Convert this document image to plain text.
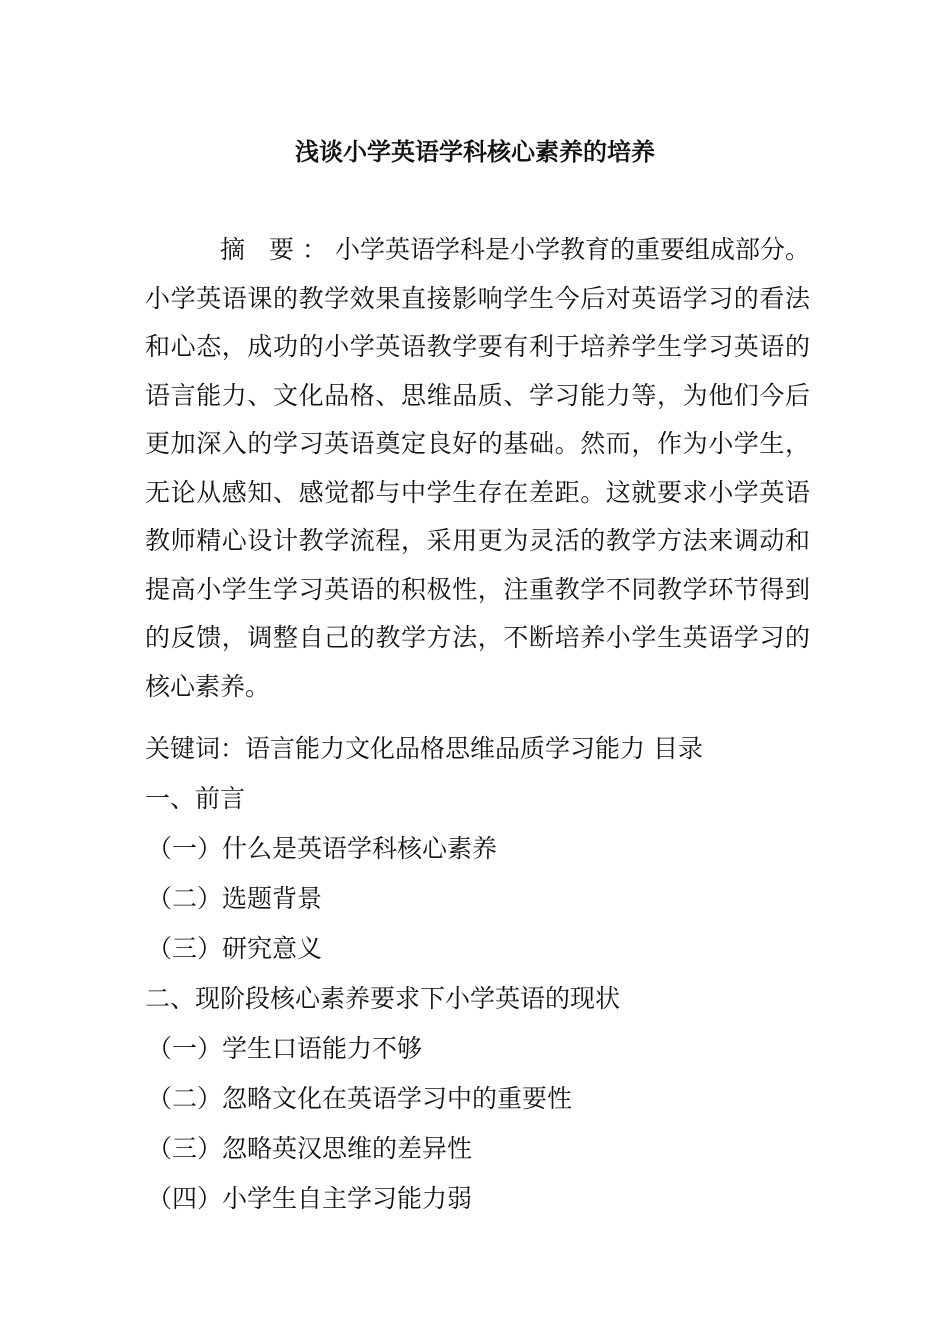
浅谈小学英语学科核心素养的培养

摘 要：小学英语学科是小学教育的重要组成部分。小学英语课的教学效果直接影响学生今后对英语学习的看法和心态，成功的小学英语教学要有利于培养学生学习英语的语言能力、文化品格、思维品质、学习能力等，为他们今后更加深入的学习英语奠定良好的基础。然而，作为小学生，无论从感知、感觉都与中学生存在差距。这就要求小学英语教师精心设计教学流程，采用更为灵活的教学方法来调动和提高小学生学习英语的积极性，注重教学不同教学环节得到的反馈，调整自己的教学方法，不断培养小学生英语学习的核心素养。

关键词：语言能力文化品格思维品质学习能力 目录
一、前言
（一）什么是英语学科核心素养
（二）选题背景
（三）研究意义
二、现阶段核心素养要求下小学英语的现状
（一）学生口语能力不够
（二）忽略文化在英语学习中的重要性
（三）忽略英汉思维的差异性
（四）小学生自主学习能力弱
